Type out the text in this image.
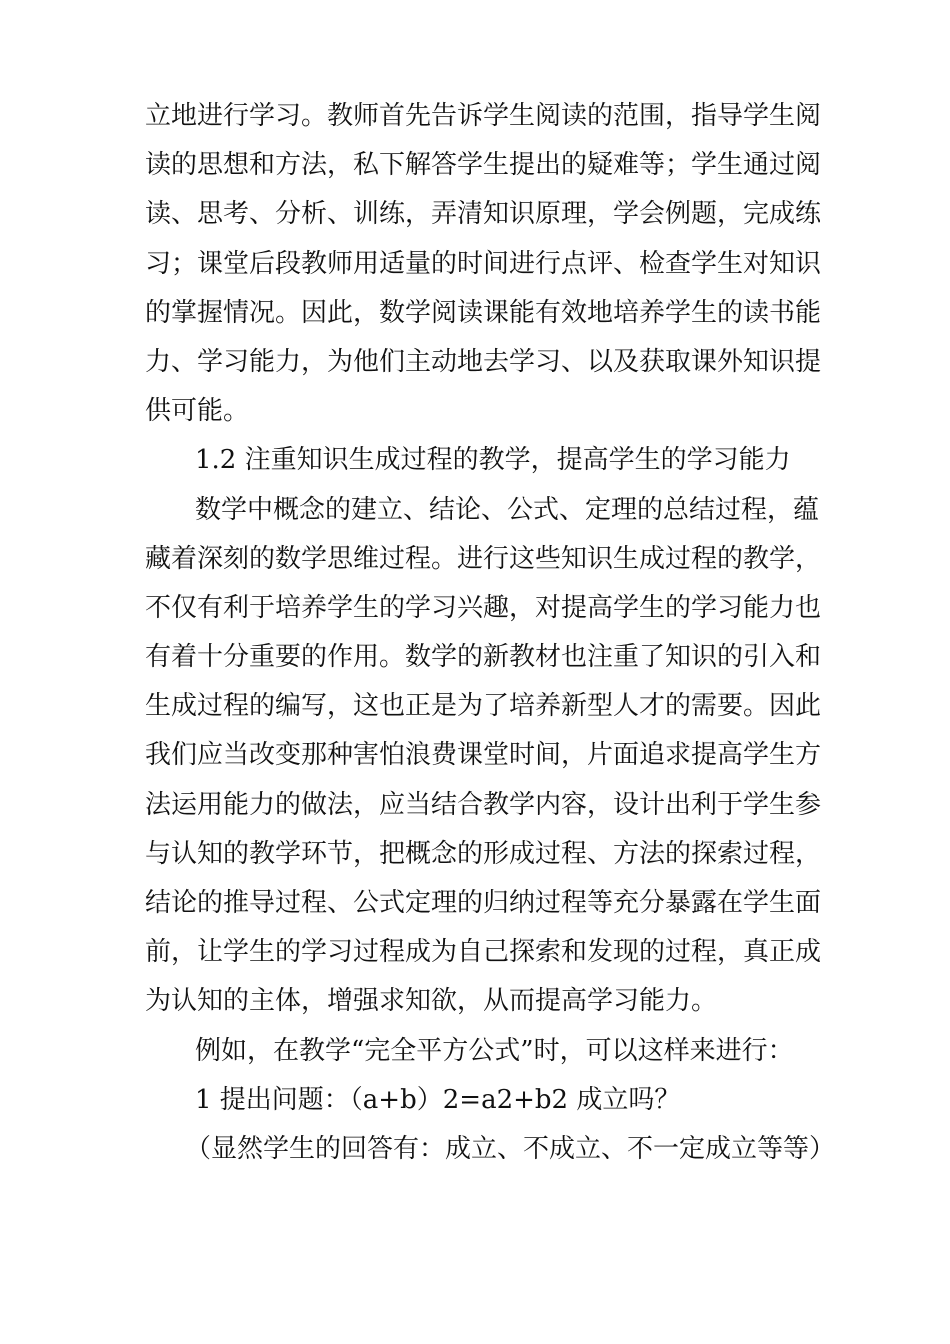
立地进行学习。教师首先告诉学生阅读的范围，指导学生阅
读的思想和方法，私下解答学生提出的疑难等；学生通过阅
读、思考、分析、训练，弄清知识原理，学会例题，完成练
习；课堂后段教师用适量的时间进行点评、检查学生对知识
的掌握情况。因此，数学阅读课能有效地培养学生的读书能
力、学习能力，为他们主动地去学习、以及获取课外知识提
供可能。
1.2 注重知识生成过程的教学，提高学生的学习能力
数学中概念的建立、结论、公式、定理的总结过程，蕴
藏着深刻的数学思维过程。进行这些知识生成过程的教学，
不仅有利于培养学生的学习兴趣，对提高学生的学习能力也
有着十分重要的作用。数学的新教材也注重了知识的引入和
生成过程的编写，这也正是为了培养新型人才的需要。因此
我们应当改变那种害怕浪费课堂时间，片面追求提高学生方
法运用能力的做法，应当结合教学内容，设计出利于学生参
与认知的教学环节，把概念的形成过程、方法的探索过程，
结论的推导过程、公式定理的归纳过程等充分暴露在学生面
前，让学生的学习过程成为自己探索和发现的过程，真正成
为认知的主体，增强求知欲，从而提高学习能力。
例如，在教学“完全平方公式”时，可以这样来进行：
1 提出问题：（a+b）2=a2+b2 成立吗？
（显然学生的回答有：成立、不成立、不一定成立等等）
